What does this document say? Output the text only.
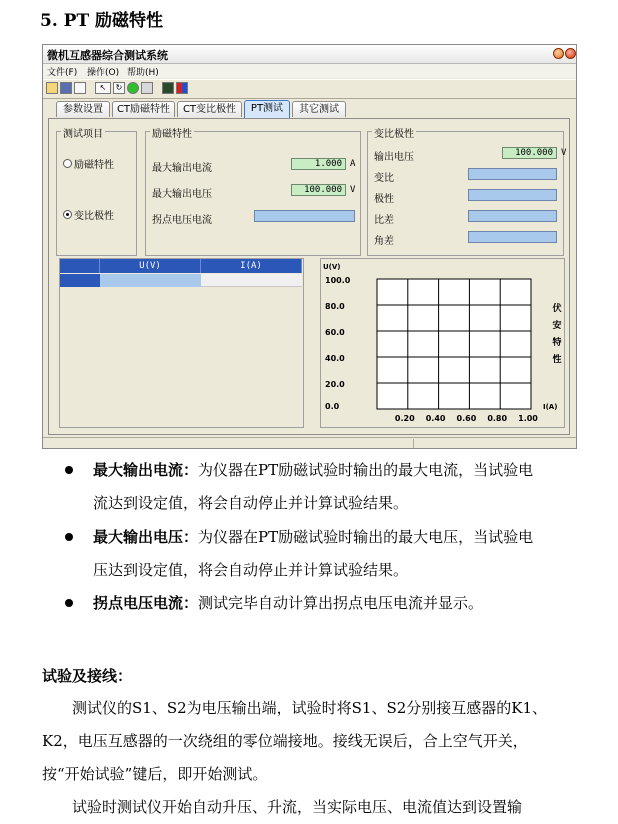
5. PT 励磁特性
微机互感器综合测试系统
文件(F) 操作(O) 帮助(H)
↖	↻
参数设置	CT励磁特性	CT变比极性	PT测试	其它测试
测试项目
励磁特性
变比极性
励磁特性
最大输出电流	1.000 A
最大输出电压	100.000 V
拐点电压电流
变比极性
输出电压	100.000 V
变比
极性
比差
角差
U(V)	I(A)
0.20 0.40 0.60 0.80 1.00
100.0
80.0
60.0
40.0
20.0
0.0
U(V)
I(A)
伏
安
特
性
最大输出电流：为仪器在PT励磁试验时输出的最大电流，当试验电
流达到设定值，将会自动停止并计算试验结果。
最大输出电压：为仪器在PT励磁试验时输出的最大电压，当试验电
压达到设定值，将会自动停止并计算试验结果。
拐点电压电流：测试完毕自动计算出拐点电压电流并显示。
试验及接线：
　　测试仪的S1、S2为电压输出端，试验时将S1、S2分别接互感器的K1、
K2，电压互感器的一次绕组的零位端接地。接线无误后，合上空气开关，
按“开始试验”键后，即开始测试。
　　试验时测试仪开始自动升压、升流，当实际电压、电流值达到设置输
